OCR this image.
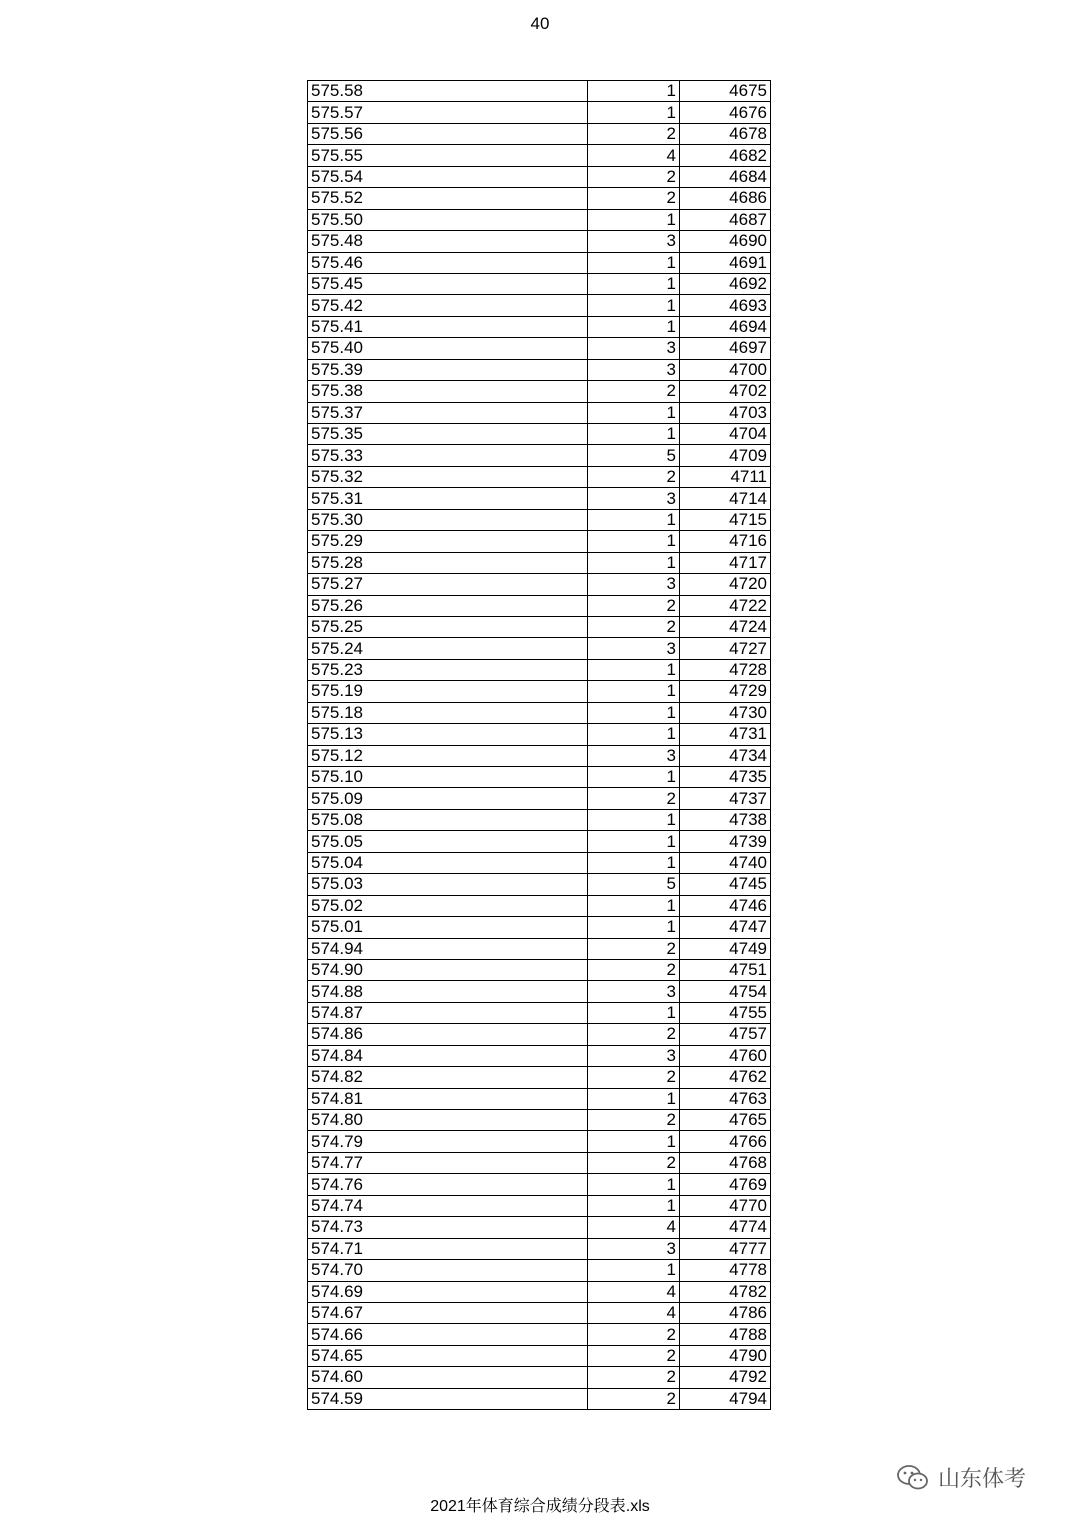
40
575.58	1	4675
575.57	1	4676
575.56	2	4678
575.55	4	4682
575.54	2	4684
575.52	2	4686
575.50	1	4687
575.48	3	4690
575.46	1	4691
575.45	1	4692
575.42	1	4693
575.41	1	4694
575.40	3	4697
575.39	3	4700
575.38	2	4702
575.37	1	4703
575.35	1	4704
575.33	5	4709
575.32	2	4711
575.31	3	4714
575.30	1	4715
575.29	1	4716
575.28	1	4717
575.27	3	4720
575.26	2	4722
575.25	2	4724
575.24	3	4727
575.23	1	4728
575.19	1	4729
575.18	1	4730
575.13	1	4731
575.12	3	4734
575.10	1	4735
575.09	2	4737
575.08	1	4738
575.05	1	4739
575.04	1	4740
575.03	5	4745
575.02	1	4746
575.01	1	4747
574.94	2	4749
574.90	2	4751
574.88	3	4754
574.87	1	4755
574.86	2	4757
574.84	3	4760
574.82	2	4762
574.81	1	4763
574.80	2	4765
574.79	1	4766
574.77	2	4768
574.76	1	4769
574.74	1	4770
574.73	4	4774
574.71	3	4777
574.70	1	4778
574.69	4	4782
574.67	4	4786
574.66	2	4788
574.65	2	4790
574.60	2	4792
574.59	2	4794
山东体考
2021年体育综合成绩分段表.xls
